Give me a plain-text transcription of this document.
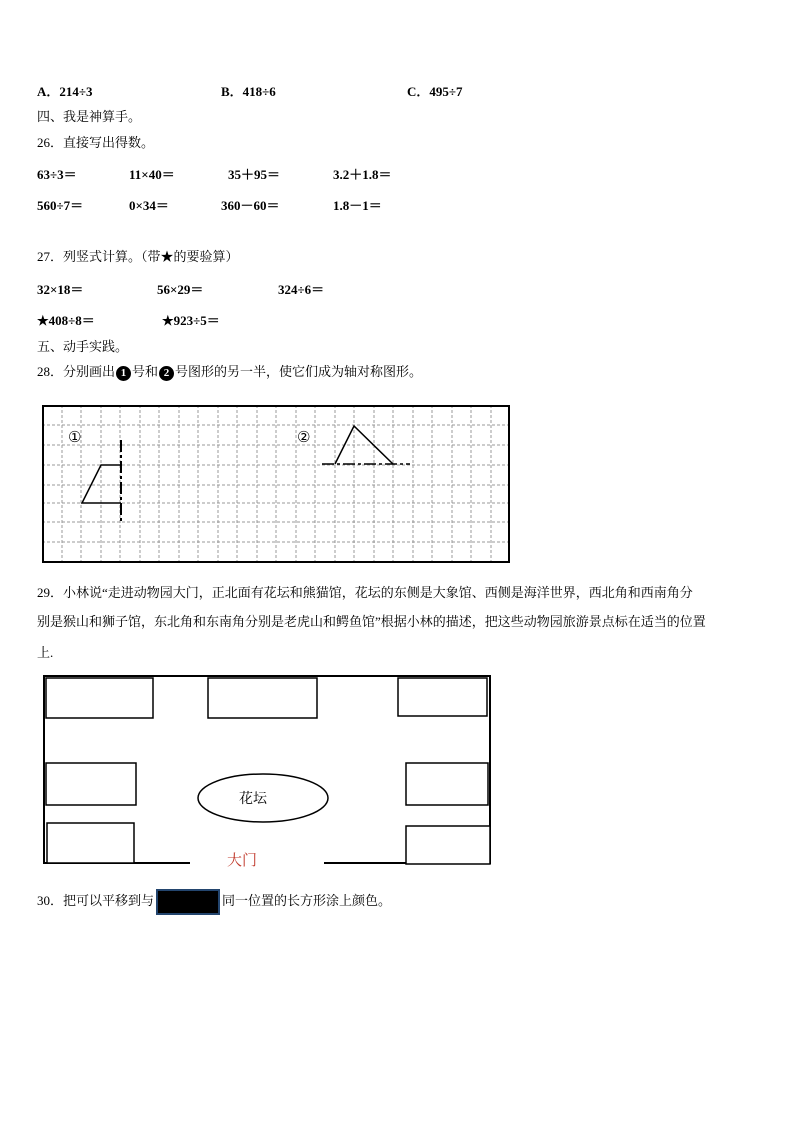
A．214÷3	B．418÷6	C．495÷7
四、我是神算手。
26．直接写出得数。
63÷3＝	11×40＝	35＋95＝	3.2＋1.8＝
560÷7＝	0×34＝	360－60＝	1.8－1＝
27．列竖式计算。（带★的要验算）
32×18＝	56×29＝	324÷6＝
★408÷8＝	★923÷5＝
五、动手实践。
28．分别画出 1 号和 2 号图形的另一半，使它们成为轴对称图形。
①	②
29．小林说“走进动物园大门，正北面有花坛和熊猫馆，花坛的东侧是大象馆、西侧是海洋世界，西北角和西南角分
别是猴山和狮子馆，东北角和东南角分别是老虎山和鳄鱼馆”根据小林的描述，把这些动物园旅游景点标在适当的位置
上.
花坛
大门
30．把可以平移到与	同一位置的长方形涂上颜色。
